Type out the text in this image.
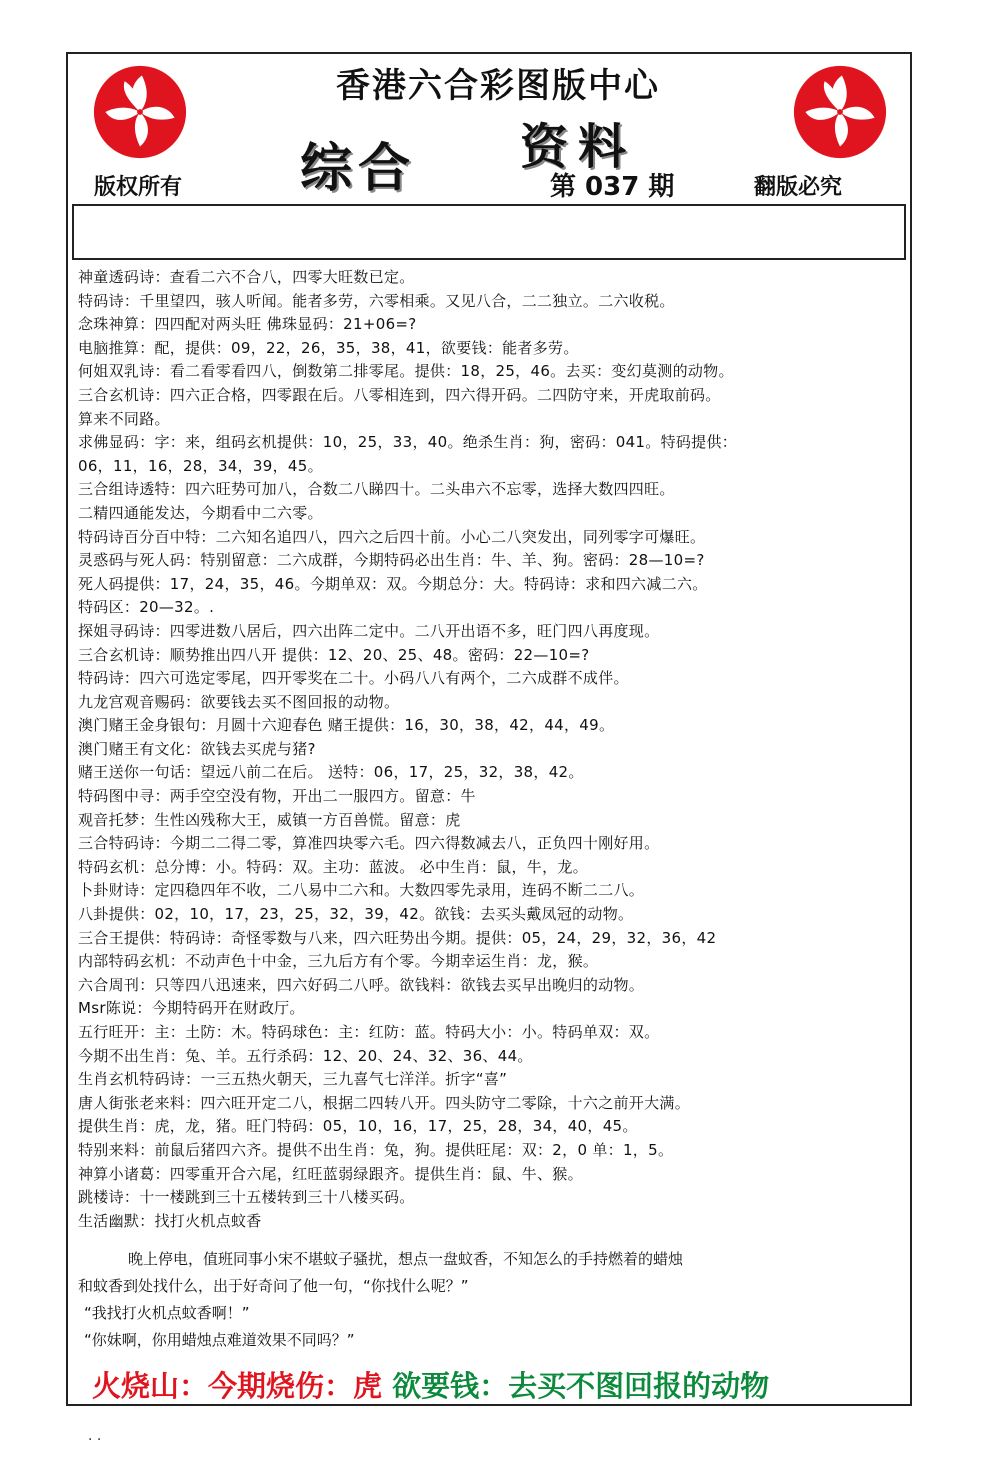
香港六合彩图版中心
综合 资料
第 037 期
版权所有	翻版必究
神童透码诗：查看二六不合八，四零大旺数已定。
特码诗：千里望四，骇人听闻。能者多劳，六零相乘。又见八合，二二独立。二六收税。
念珠神算：四四配对两头旺 佛珠显码：21+06=?
电脑推算：配，提供：09，22，26，35，38，41，欲要钱：能者多劳。
何姐双乳诗：看二看零看四八，倒数第二排零尾。提供：18，25，46。去买：变幻莫测的动物。
三合玄机诗：四六正合格，四零跟在后。八零相连到，四六得开码。二四防守来，开虎取前码。
算来不同路。
求佛显码：字：来，组码玄机提供：10，25，33，40。绝杀生肖：狗，密码：041。特码提供：
06，11，16，28，34，39，45。
三合组诗透特：四六旺势可加八，合数二八睇四十。二头串六不忘零，选择大数四四旺。
二精四通能发达，今期看中二六零。
特码诗百分百中特：二六知名追四八，四六之后四十前。小心二八突发出，同列零字可爆旺。
灵惑码与死人码：特别留意：二六成群，今期特码必出生肖：牛、羊、狗。密码：28—10=?
死人码提供：17，24，35，46。今期单双：双。今期总分：大。特码诗：求和四六减二六。
特码区：20—32。.
探姐寻码诗：四零进数八居后，四六出阵二定中。二八开出语不多，旺门四八再度现。
三合玄机诗：顺势推出四八开 提供：12、20、25、48。密码：22—10=?
特码诗：四六可选定零尾，四开零奖在二十。小码八八有两个，二六成群不成伴。
九龙宫观音赐码：欲要钱去买不图回报的动物。
澳门赌王金身银句：月圆十六迎春色 赌王提供：16，30，38，42，44，49。
澳门赌王有文化：欲钱去买虎与猪?
赌王送你一句话：望远八前二在后。 送特：06，17，25，32，38，42。
特码图中寻：两手空空没有物，开出二一服四方。留意：牛
观音托梦：生性凶残称大王，威镇一方百兽慌。留意：虎
三合特码诗：今期二二得二零，算准四块零六毛。四六得数减去八，正负四十刚好用。
特码玄机：总分博：小。特码：双。主功：蓝波。 必中生肖：鼠，牛，龙。
卜卦财诗：定四稳四年不收，二八易中二六和。大数四零先录用，连码不断二二八。
八卦提供：02，10，17，23，25，32，39，42。欲钱：去买头戴凤冠的动物。
三合王提供：特码诗：奇怪零数与八来，四六旺势出今期。提供：05，24，29，32，36，42
内部特码玄机：不动声色十中金，三九后方有个零。今期幸运生肖：龙，猴。
六合周刊：只等四八迅速来，四六好码二八呼。欲钱料：欲钱去买早出晚归的动物。
Msr陈说：今期特码开在财政厅。
五行旺开：主：土防：木。特码球色：主：红防：蓝。特码大小：小。特码单双：双。
今期不出生肖：兔、羊。五行杀码：12、20、24、32、36、44。
生肖玄机特码诗：一三五热火朝天，三九喜气七洋洋。折字“喜”
唐人街张老来料：四六旺开定二八，根据二四转八开。四头防守二零除，十六之前开大满。
提供生肖：虎，龙，猪。旺门特码：05，10，16，17，25，28，34，40，45。
特别来料：前鼠后猪四六齐。提供不出生肖：兔，狗。提供旺尾：双：2，0 单：1，5。
神算小诸葛：四零重开合六尾，红旺蓝弱绿跟齐。提供生肖：鼠、牛、猴。
跳楼诗：十一楼跳到三十五楼转到三十八楼买码。
生活幽默：找打火机点蚊香
晚上停电，值班同事小宋不堪蚊子骚扰，想点一盘蚊香，不知怎么的手持燃着的蜡烛
和蚊香到处找什么，出于好奇问了他一句，“你找什么呢？”
“我找打火机点蚊香啊！”
“你妹啊，你用蜡烛点难道效果不同吗？”
火烧山：今期烧伤：虎 欲要钱：去买不图回报的动物
. .
